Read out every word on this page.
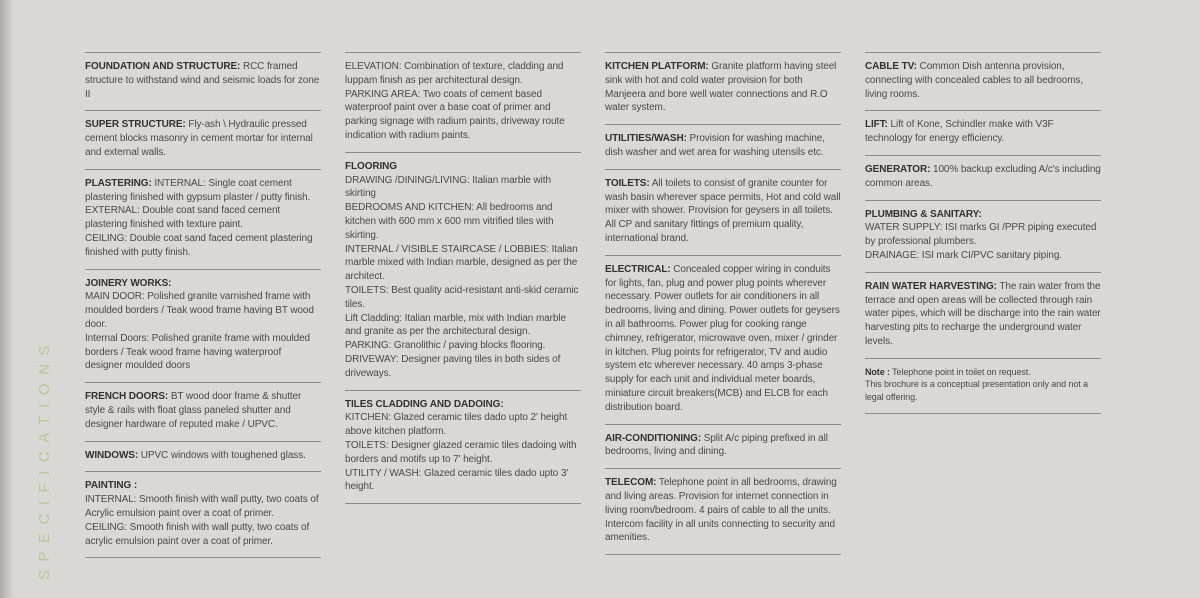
SPECIFICATIONS

FOUNDATION AND STRUCTURE: RCC framed structure to withstand wind and seismic loads for zone II

SUPER STRUCTURE: Fly-ash \ Hydraulic pressed cement blocks masonry in cement mortar for internal and external walls.

PLASTERING: INTERNAL: Single coat cement plastering finished with gypsum plaster / putty finish.

EXTERNAL: Double coat sand faced cement plastering finished with texture paint.

CEILING: Double coat sand faced cement plastering finished with putty finish.

JOINERY WORKS:

MAIN DOOR: Polished granite varnished frame with moulded borders / Teak wood frame having BT wood door.

Internal Doors: Polished granite frame with moulded borders / Teak wood frame having waterproof designer moulded doors

FRENCH DOORS: BT wood door frame & shutter style & rails with float glass paneled shutter and designer hardware of reputed make / UPVC.

WINDOWS: UPVC windows with toughened glass.

PAINTING :

INTERNAL: Smooth finish with wall putty, two coats of Acrylic emulsion paint over a coat of primer.

CEILING: Smooth finish with wall putty, two coats of acrylic emulsion paint over a coat of primer.

ELEVATION: Combination of texture, cladding and luppam finish as per architectural design.

PARKING AREA: Two coats of cement based waterproof paint over a base coat of primer and parking signage with radium paints, driveway route indication with radium paints.

FLOORING

DRAWING /DINING/LIVING: Italian marble with skirting

BEDROOMS AND KITCHEN: All bedrooms and kitchen with 600 mm x 600 mm vitrified tiles with skirting.

INTERNAL / VISIBLE STAIRCASE / LOBBIES: Italian marble mixed with Indian marble, designed as per the architect.

TOILETS: Best quality acid-resistant anti-skid ceramic tiles.

Lift Cladding: Italian marble, mix with Indian marble and granite as per the architectural design.

PARKING: Granolithic / paving blocks flooring.

DRIVEWAY: Designer paving tiles in both sides of driveways.

TILES CLADDING AND DADOING:

KITCHEN: Glazed ceramic tiles dado upto 2' height above kitchen platform.

TOILETS: Designer glazed ceramic tiles dadoing with borders and motifs up to 7' height.

UTILITY / WASH: Glazed ceramic tiles dado upto 3' height.

KITCHEN PLATFORM: Granite platform having steel sink with hot and cold water provision for both Manjeera and bore well water connections and R.O water system.

UTILITIES/WASH: Provision for washing machine, dish washer and wet area for washing utensils etc.

TOILETS: All toilets to consist of granite counter for wash basin wherever space permits, Hot and cold wall mixer with shower. Provision for geysers in all toilets. All CP and sanitary fittings of premium quality, international brand.

ELECTRICAL: Concealed copper wiring in conduits for lights, fan, plug and power plug points wherever necessary. Power outlets for air conditioners in all bedrooms, living and dining. Power outlets for geysers in all bathrooms. Power plug for cooking range chimney, refrigerator, microwave oven, mixer / grinder in kitchen. Plug points for refrigerator, TV and audio system etc wherever necessary. 40 amps 3-phase supply for each unit and individual meter boards, miniature circuit breakers(MCB) and ELCB for each distribution board.

AIR-CONDITIONING: Split A/c piping prefixed in all bedrooms, living and dining.

TELECOM: Telephone point in all bedrooms, drawing and living areas. Provision for internet connection in living room/bedroom. 4 pairs of cable to all the units. Intercom facility in all units connecting to security and amenities.

CABLE TV: Common Dish antenna provision, connecting with concealed cables to all bedrooms, living rooms.

LIFT: Lift of Kone, Schindler make with V3F technology for energy efficiency.

GENERATOR: 100% backup excluding A/c's including common areas.

PLUMBING & SANITARY:

WATER SUPPLY: ISI marks GI /PPR piping executed by professional plumbers.

DRAINAGE: ISI mark CI/PVC sanitary piping.

RAIN WATER HARVESTING: The rain water from the terrace and open areas will be collected through rain water pipes, which will be discharge into the rain water harvesting pits to recharge the underground water levels.

Note : Telephone point in toilet on request.

This brochure is a conceptual presentation only and not a legal offering.
